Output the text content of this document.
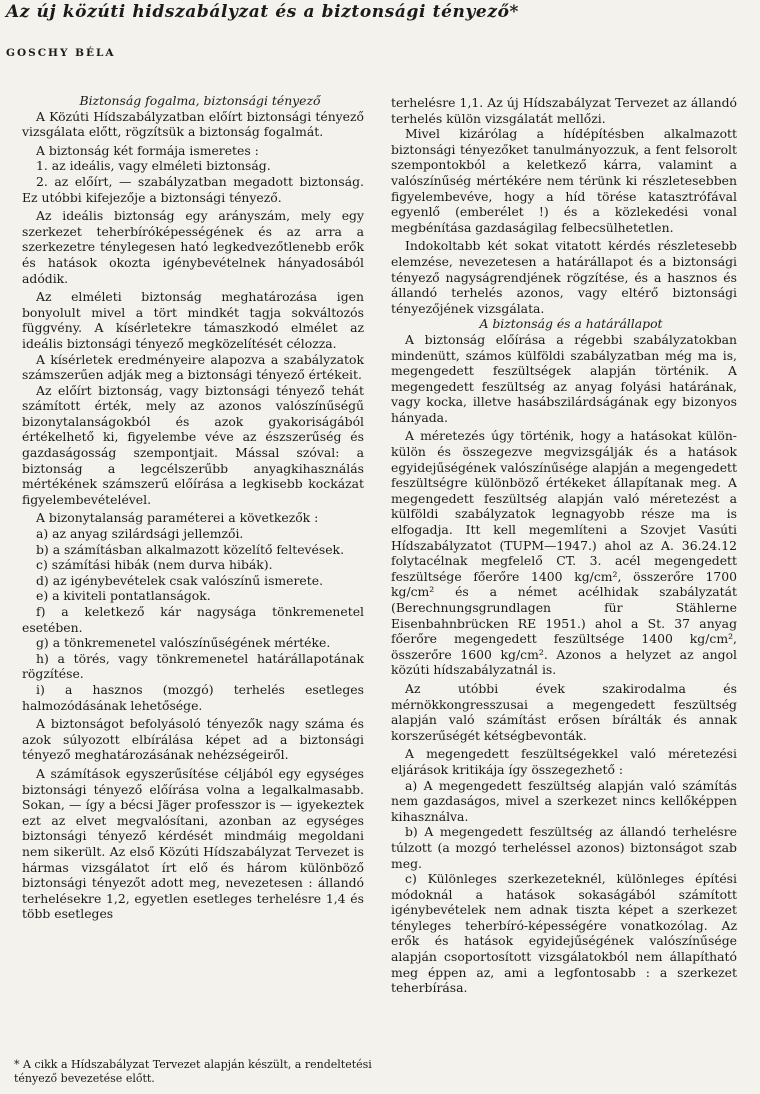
Az új közúti hidszabályzat és a biztonsági tényező*
GOSCHY BÉLA

Biztonság fogalma, biztonsági tényező

A Közúti Hídszabályzatban előírt biztonsági tényező vizsgálata előtt, rögzítsük a biztonság fogalmát.

A biztonság két formája ismeretes :

1. az ideális, vagy elméleti biztonság.

2. az előírt, — szabályzatban megadott biztonság. Ez utóbbi kifejezője a biztonsági tényező.

Az ideális biztonság egy arányszám, mely egy szerkezet teherbíróképességének és az arra a szerkezetre ténylegesen ható legkedvezőtlenebb erők és hatások okozta igénybevételnek hányadosából adódik.

Az elméleti biztonság meghatározása igen bonyolult mivel a tört mindkét tagja sokváltozós függvény. A kísérletekre támaszkodó elmélet az ideális biztonsági tényező megközelítését célozza.

A kísérletek eredményeire alapozva a szabályzatok számszerűen adják meg a biztonsági tényező értékeit.

Az előírt biztonság, vagy biztonsági tényező tehát számított érték, mely az azonos valószínűségű bizonytalanságokból és azok gyakoriságából értékelhető ki, figyelembe véve az észszerűség és gazdaságosság szempontjait. Mással szóval: a biztonság a legcélszerűbb anyagkihasználás mértékének számszerű előírása a legkisebb kockázat figyelembevételével.

A bizonytalanság paraméterei a következők :

a) az anyag szilárdsági jellemzői.

b) a számításban alkalmazott közelítő feltevések.

c) számítási hibák (nem durva hibák).

d) az igénybevételek csak valószínű ismerete.

e) a kiviteli pontatlanságok.

f) a keletkező kár nagysága tönkremenetel esetében.

g) a tönkremenetel valószínűségének mértéke.

h) a törés, vagy tönkremenetel határállapotának rögzítése.

i) a hasznos (mozgó) terhelés esetleges halmozódásának lehetősége.

A biztonságot befolyásoló tényezők nagy száma és azok súlyozott elbírálása képet ad a biztonsági tényező meghatározásának nehézségeiről.

A számítások egyszerűsítése céljából egy egységes biztonsági tényező előírása volna a legalkalmasabb. Sokan, — így a bécsi Jäger professzor is — igyekeztek ezt az elvet megvalósítani, azonban az egységes biztonsági tényező kérdését mindmáig megoldani nem sikerült. Az első Közúti Hídszabályzat Tervezet is hármas vizsgálatot írt elő és három különböző biztonsági tényezőt adott meg, nevezetesen : állandó terhelésekre 1,2, egyetlen esetleges terhelésre 1,4 és több esetleges

* A cikk a Hídszabályzat Tervezet alapján készült, a rendeltetési tényező bevezetése előtt.

terhelésre 1,1. Az új Hídszabályzat Tervezet az állandó terhelés külön vizsgálatát mellőzi.

Mivel kizárólag a hídépítésben alkalmazott biztonsági tényezőket tanulmányozzuk, a fent felsorolt szempontokból a keletkező kárra, valamint a valószínűség mértékére nem térünk ki részletesebben figyelembevéve, hogy a híd törése katasztrófával egyenlő (emberélet !) és a közlekedési vonal megbénítása gazdaságilag felbecsülhetetlen.

Indokoltabb két sokat vitatott kérdés részletesebb elemzése, nevezetesen a határállapot és a biztonsági tényező nagyságrendjének rögzítése, és a hasznos és állandó terhelés azonos, vagy eltérő biztonsági tényezőjének vizsgálata.

A biztonság és a határállapot

A biztonság előírása a régebbi szabályzatokban mindenütt, számos külföldi szabályzatban még ma is, megengedett feszültségek alapján történik. A megengedett feszültség az anyag folyási határának, vagy kocka, illetve hasábszilárdságának egy bizonyos hányada.

A méretezés úgy történik, hogy a hatásokat külön-külön és összegezve megvizsgálják és a hatások egyidejűségének valószínűsége alapján a megengedett feszültségre különböző értékeket állapítanak meg. A megengedett feszültség alapján való méretezést a külföldi szabályzatok legnagyobb része ma is elfogadja. Itt kell megemlíteni a Szovjet Vasúti Hídszabályzatot (TUPM—1947.) ahol az A. 36.24.12 folytacélnak megfelelő CT. 3. acél megengedett feszültsége főerőre 1400 kg/cm², összerőre 1700 kg/cm² és a német acélhidak szabályzatát (Berechnungsgrundlagen für Stählerne Eisenbahnbrücken RE 1951.) ahol a St. 37 anyag főerőre megengedett feszültsége 1400 kg/cm², összerőre 1600 kg/cm². Azonos a helyzet az angol közúti hídszabályzatnál is.

Az utóbbi évek szakirodalma és mérnökkongresszusai a megengedett feszültség alapján való számítást erősen bírálták és annak korszerűségét kétségbevonták.

A megengedett feszültségekkel való méretezési eljárások kritikája így összegezhető :

a) A megengedett feszültség alapján való számítás nem gazdaságos, mivel a szerkezet nincs kellőképpen kihasználva.

b) A megengedett feszültség az állandó terhelésre túlzott (a mozgó terheléssel azonos) biztonságot szab meg.

c) Különleges szerkezeteknél, különleges építési módoknál a hatások sokaságából számított igénybevételek nem adnak tiszta képet a szerkezet tényleges teherbíró-képességére vonatkozólag. Az erők és hatások egyidejűségének valószínűsége alapján csoportosított vizsgálatokból nem állapítható meg éppen az, ami a legfontosabb : a szerkezet teherbírása.
